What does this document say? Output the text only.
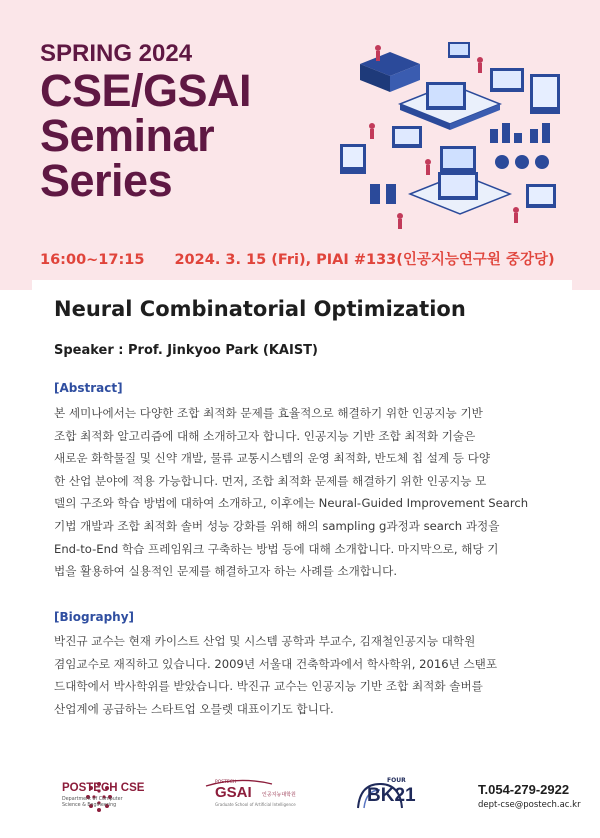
SPRING 2024
CSE/GSAI
Seminar
Series
16:00~17:15 2024. 3. 15 (Fri), PIAI #133(인공지능연구원 중강당)
Neural Combinatorial Optimization
Speaker : Prof. Jinkyoo Park (KAIST)
[Abstract]
본 세미나에서는 다양한 조합 최적화 문제를 효율적으로 해결하기 위한 인공지능 기반
조합 최적화 알고리즘에 대해 소개하고자 합니다. 인공지능 기반 조합 최적화 기술은
새로운 화학물질 및 신약 개발, 물류 교통시스템의 운영 최적화, 반도체 칩 설계 등 다양
한 산업 분야에 적용 가능합니다. 먼저, 조합 최적화 문제를 해결하기 위한 인공지능 모
델의 구조와 학습 방법에 대하여 소개하고, 이후에는 Neural-Guided Improvement Search
기법 개발과 조합 최적화 솔버 성능 강화를 위해 해의 sampling g과정과 search 과정을
End-to-End 학습 프레임워크 구축하는 방법 등에 대해 소개합니다. 마지막으로, 해당 기
법을 활용하여 실용적인 문제를 해결하고자 하는 사례를 소개합니다.
[Biography]
박진규 교수는 현재 카이스트 산업 및 시스템 공학과 부교수, 김재철인공지능 대학원
겸임교수로 재직하고 있습니다. 2009년 서울대 건축학과에서 학사학위, 2016년 스탠포
드대학에서 박사학위를 받았습니다. 박진규 교수는 인공지능 기반 조합 최적화 솔버를
산업계에 공급하는 스타트업 오믈렛 대표이기도 합니다.
POSTECH CSE
Department of Computer
Science & Engineering
POSTECH
GSAI 인공지능대학원
Graduate School of Artificial Intelligence
FOUR
BK21	T.054-279-2922
dept-cse@postech.ac.kr
